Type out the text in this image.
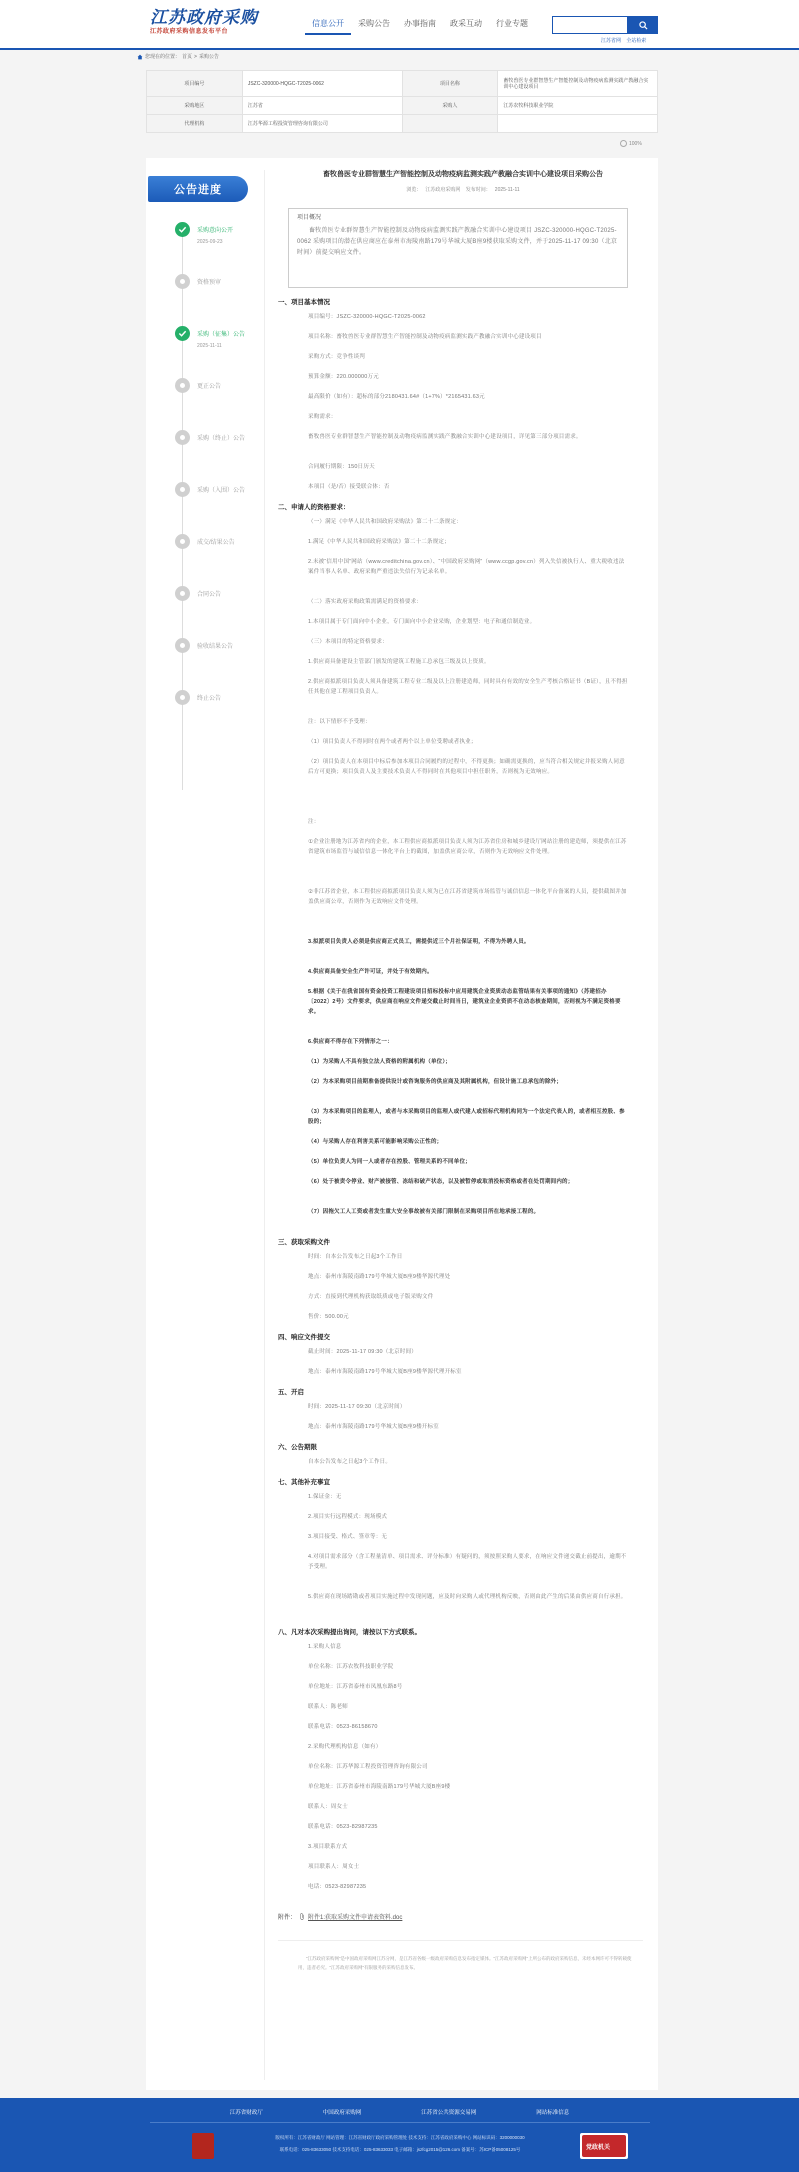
江苏政府采购
江苏政府采购信息发布平台
信息公开	采购公告	办事指南	政采互动	行业专题
江苏省网 全站检索
您现在的位置： 首页 > 采购公告
项目编号	JSZC-320000-HQGC-T2025-0062	项目名称	畜牧兽医专业群智慧生产智能控制及动物疫病监测实践产教融合实训中心建设项目
采购地区	江苏省	采购人	江苏农牧科技职业学院
代理机构	江苏华源工程投资管理咨询有限公司		
100%
公告进度
采购意向公开
2025-09-23
资格预审
采购（征集）公告
2025-11-11
更正公告
采购（终止）公告
采购（入围）公告
成交/结果公告
合同公告
验收结果公告
终止公告
畜牧兽医专业群智慧生产智能控制及动物疫病监测实践产教融合实训中心建设项目采购公告
浏览： 江苏政府采购网 发布时间： 2025-11-11
项目概况
畜牧兽医专业群智慧生产智能控制及动物疫病监测实践产教融合实训中心建设项目 JSZC-320000-HQGC-T2025-0062 采购项目的潜在供应商应在泰州市海陵南路179号华城大厦B座9楼获取采购文件，并于2025-11-17 09:30（北京时间）前提交响应文件。
一、项目基本情况
项目编号：JSZC-320000-HQGC-T2025-0062
项目名称：畜牧兽医专业群智慧生产智能控制及动物疫病监测实践产教融合实训中心建设项目
采购方式：竞争性谈判
预算金额：220.000000万元
最高限价（如有）：超标的部分2180431.64#（1+7%）*2165431.63元
采购需求：
畜牧兽医专业群智慧生产智能控制及动物疫病监测实践产教融合实训中心建设项目，详见第三部分项目需求。
合同履行期限：150日历天
本项目（是/否）接受联合体：否
二、申请人的资格要求：
（一）满足《中华人民共和国政府采购法》第二十二条规定：
1.满足《中华人民共和国政府采购法》第二十二条规定；
2.未被“信用中国”网站（www.creditchina.gov.cn）、“中国政府采购网”（www.ccgp.gov.cn）列入失信被执行人、重大税收违法案件当事人名单、政府采购严重违法失信行为记录名单。
（二）落实政府采购政策需满足的资格要求：
1.本项目属于专门面向中小企业，专门面向中小企业采购，企业划型：电子和通信制造业。
（三）本项目的特定资格要求：
1.供应商具备建设主管部门颁发的建筑工程施工总承包三级及以上资质。
2.供应商拟派项目负责人须具备建筑工程专业二级及以上注册建造师，同时具有有效的安全生产考核合格证书（B证），且不得担任其他在建工程项目负责人。
注：以下情形不予受理：
（1）项目负责人不得同时在两个或者两个以上单位受聘或者执业；
（2）项目负责人在本项目中标后参加本项目合同履约的过程中，不得更换；如确需更换的，应当符合相关规定并报采购人同意后方可更换；项目负责人及主要技术负责人不得同时在其他项目中担任职务，否则视为无效响应。
注：
①企业注册地为江苏省内的企业，本工程供应商拟派项目负责人须为江苏省住房和城乡建设厅网站注册的建造师，须提供在江苏省建筑市场监管与诚信信息一体化平台上的截图，加盖供应商公章，否则作为无效响应文件处理。
②非江苏省企业，本工程供应商拟派项目负责人须为已在江苏省建筑市场监管与诚信信息一体化平台备案的人员，提供截图并加盖供应商公章，否则作为无效响应文件处理。
3.拟派项目负责人必须是供应商正式员工，需提供近三个月社保证明，不得为外聘人员。
4.供应商具备安全生产许可证，并处于有效期内。
5.根据《关于在我省国有资金投资工程建设项目招标投标中应用建筑企业资质动态监管结果有关事项的通知》（苏建招办〔2022〕2号）文件要求，供应商在响应文件递交截止时间当日，建筑业企业资质不在动态核查期间，否则视为不满足资格要求。
6.供应商不得存在下列情形之一：
（1）为采购人不具有独立法人资格的附属机构（单位）；
（2）为本采购项目前期准备提供设计或咨询服务的供应商及其附属机构，但设计施工总承包的除外；
（3）为本采购项目的监理人，或者与本采购项目的监理人或代建人或招标代理机构同为一个法定代表人的，或者相互控股、参股的；
（4）与采购人存在利害关系可能影响采购公正性的；
（5）单位负责人为同一人或者存在控股、管理关系的不同单位；
（6）处于被责令停业、财产被接管、冻结和破产状态，以及被暂停或取消投标资格或者在处罚期间内的；
（7）因拖欠工人工资或者发生重大安全事故被有关部门限制在采购项目所在地承接工程的。
三、获取采购文件
时间：自本公告发布之日起3个工作日
地点：泰州市海陵南路179号华城大厦B座9楼华源代理处
方式：直接到代理机构获取纸质或电子版采购文件
售价：500.00元
四、响应文件提交
截止时间：2025-11-17 09:30（北京时间）
地点：泰州市海陵南路179号华城大厦B座9楼华源代理开标室
五、开启
时间：2025-11-17 09:30（北京时间）
地点：泰州市海陵南路179号华城大厦B座9楼开标室
六、公告期限
自本公告发布之日起3个工作日。
七、其他补充事宜
1.保证金：无
2.项目实行远程模式：现场模式
3.项目接受、格式、签章等：无
4.对项目需求部分（含工程量清单、项目需求、评分标准）有疑问的，须按照采购人要求，在响应文件递交截止前提出，逾期不予受理。
5.供应商在现场踏勘或者项目实施过程中发现问题，应及时向采购人或代理机构反映，否则由此产生的后果由供应商自行承担。
八、凡对本次采购提出询问，请按以下方式联系。
1.采购人信息
单位名称：江苏农牧科技职业学院
单位地址：江苏省泰州市凤凰东路8号
联系人：陈老师
联系电话：0523-86158670
2.采购代理机构信息（如有）
单位名称：江苏华源工程投资管理咨询有限公司
单位地址：江苏省泰州市海陵南路179号华城大厦B座9楼
联系人：周女士
联系电话：0523-82987235
3.项目联系方式
项目联系人：周女士
电话：0523-82987235
附件： 附件1:获取采购文件申请表资料.doc
“江苏政府采购网”是中国政府采购网江苏分网，是江苏省各级一级政府采购信息发布指定媒体。“江苏政府采购网”上所公布的政府采购信息，未经本网许可不得转载使用，违者必究。“江苏政府采购网”有限服务的采购信息发布。
江苏省财政厅	中国政府采购网	江苏省公共资源交易网	网站标准信息
版权所有：江苏省财政厅 网站管理：江苏省财政厅政府采购管理处 技术支持：江苏省政府采购中心 网站标识码：3200000030
联系电话：025-83633050 技术支持电话：025-83633033 电子邮箱：jszfcg2015@126.com 备案号：苏ICP备05008125号	党政机关
